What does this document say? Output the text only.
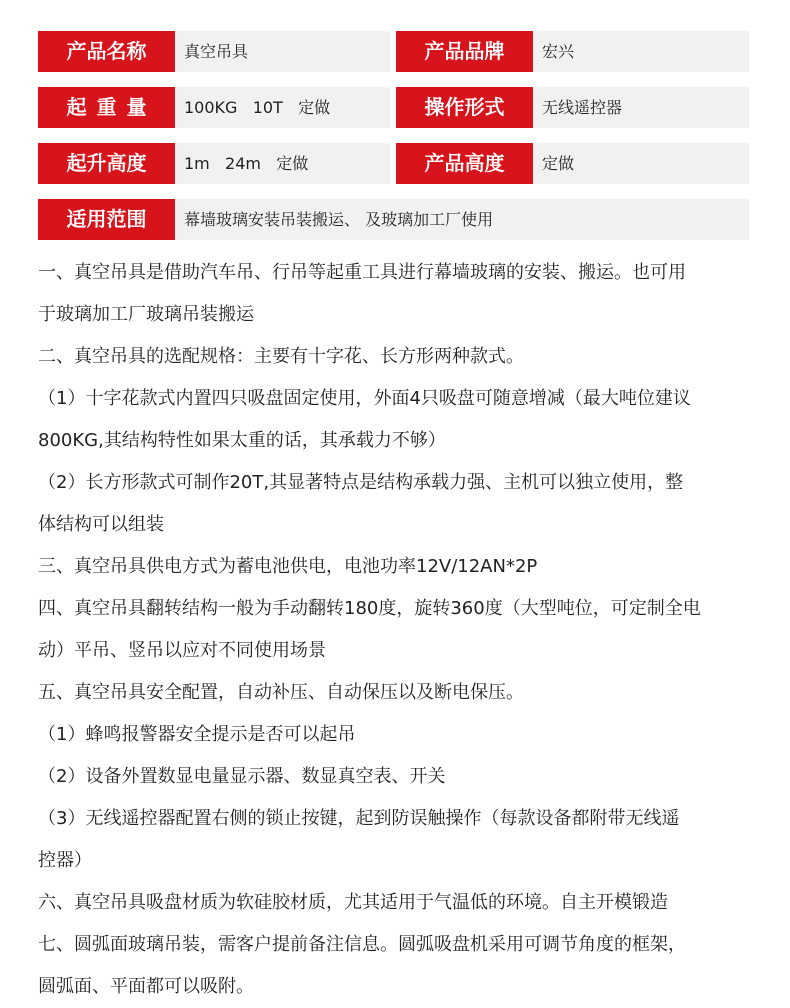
产品名称	真空吊具	产品品牌	宏兴
起重量	100KG   10T   定做	操作形式	无线遥控器
起升高度	1m   24m   定做	产品高度	定做
适用范围	幕墙玻璃安装吊装搬运、 及玻璃加工厂使用

一、真空吊具是借助汽车吊、行吊等起重工具进行幕墙玻璃的安装、搬运。也可用

于玻璃加工厂玻璃吊装搬运

二、真空吊具的选配规格：主要有十字花、长方形两种款式。

（1）十字花款式内置四只吸盘固定使用，外面4只吸盘可随意增减（最大吨位建议

800KG,其结构特性如果太重的话，其承载力不够）

（2）长方形款式可制作20T,其显著特点是结构承载力强、主机可以独立使用，整

体结构可以组装

三、真空吊具供电方式为蓄电池供电，电池功率12V/12AN*2P

四、真空吊具翻转结构一般为手动翻转180度，旋转360度（大型吨位，可定制全电

动）平吊、竖吊以应对不同使用场景

五、真空吊具安全配置，自动补压、自动保压以及断电保压。

（1）蜂鸣报警器安全提示是否可以起吊

（2）设备外置数显电量显示器、数显真空表、开关

（3）无线遥控器配置右侧的锁止按键，起到防误触操作（每款设备都附带无线遥

控器）

六、真空吊具吸盘材质为软硅胶材质，尤其适用于气温低的环境。自主开模锻造

七、圆弧面玻璃吊装，需客户提前备注信息。圆弧吸盘机采用可调节角度的框架，

圆弧面、平面都可以吸附。
